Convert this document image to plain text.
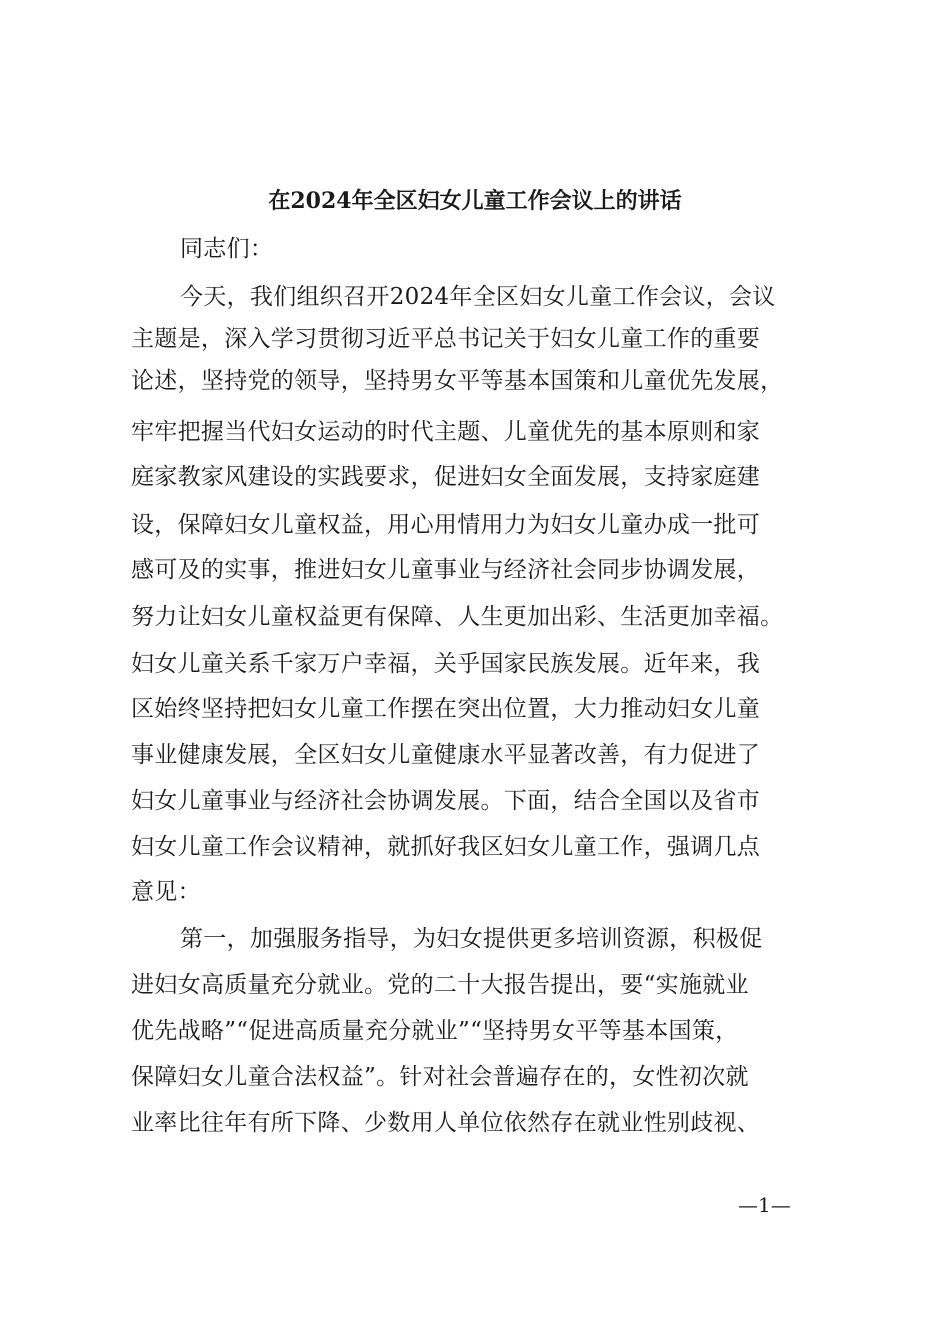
在2024年全区妇女儿童工作会议上的讲话
同志们：
今天，我们组织召开2024年全区妇女儿童工作会议，会议
主题是，深入学习贯彻习近平总书记关于妇女儿童工作的重要
论述，坚持党的领导，坚持男女平等基本国策和儿童优先发展，
牢牢把握当代妇女运动的时代主题、儿童优先的基本原则和家
庭家教家风建设的实践要求，促进妇女全面发展，支持家庭建
设，保障妇女儿童权益，用心用情用力为妇女儿童办成一批可
感可及的实事，推进妇女儿童事业与经济社会同步协调发展，
努力让妇女儿童权益更有保障、人生更加出彩、生活更加幸福。
妇女儿童关系千家万户幸福，关乎国家民族发展。近年来，我
区始终坚持把妇女儿童工作摆在突出位置，大力推动妇女儿童
事业健康发展，全区妇女儿童健康水平显著改善，有力促进了
妇女儿童事业与经济社会协调发展。下面，结合全国以及省市
妇女儿童工作会议精神，就抓好我区妇女儿童工作，强调几点
意见：
第一，加强服务指导，为妇女提供更多培训资源，积极促
进妇女高质量充分就业。党的二十大报告提出，要“实施就业
优先战略”“促进高质量充分就业”“坚持男女平等基本国策，
保障妇女儿童合法权益”。针对社会普遍存在的，女性初次就
业率比往年有所下降、少数用人单位依然存在就业性别歧视、
—1—
